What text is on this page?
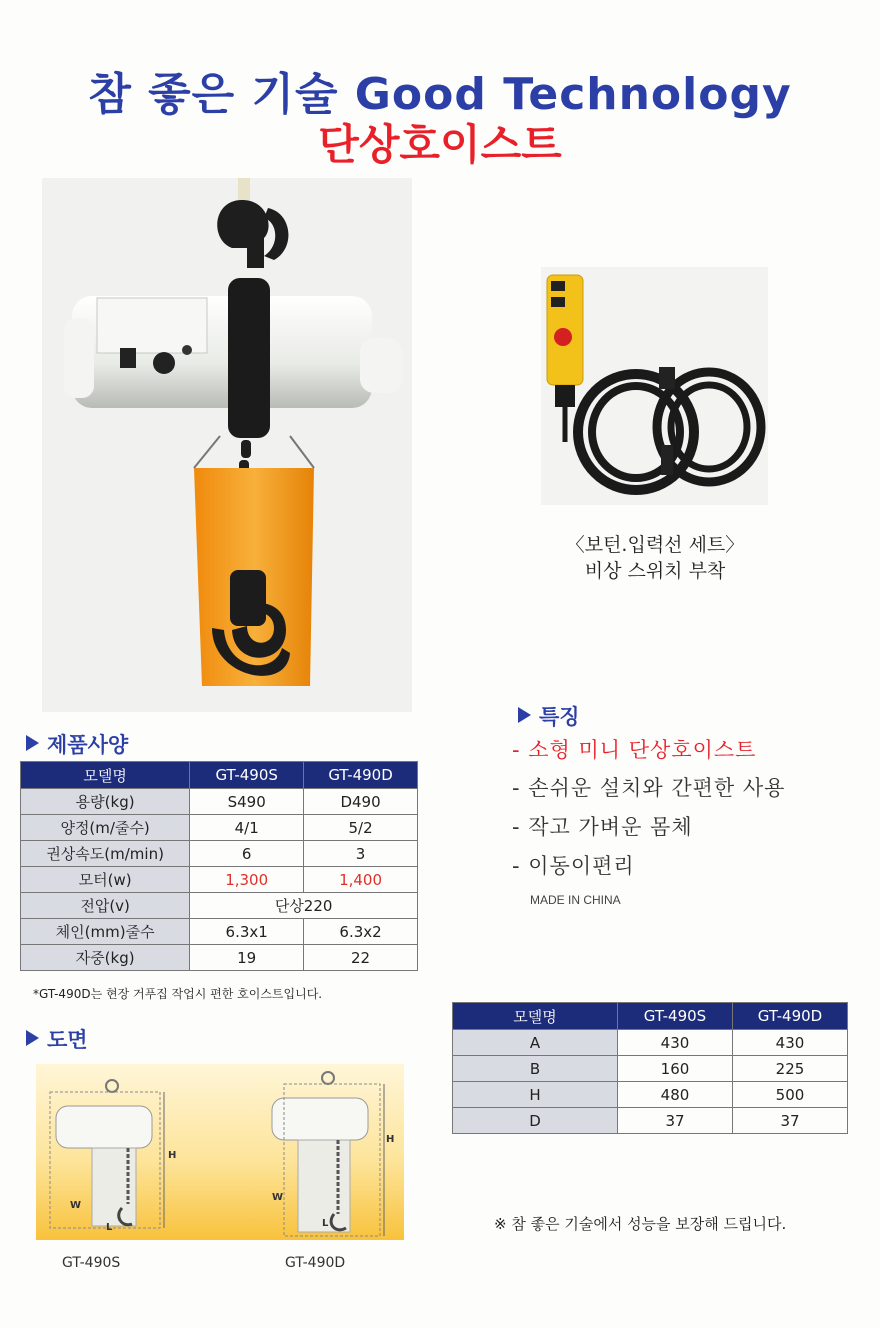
참 좋은 기술 Good Technology
단상호이스트
〈보턴.입력선 세트〉
비상 스위치 부착
특징
- 소형 미니 단상호이스트
- 손쉬운 설치와 간편한 사용
- 작고 가벼운 몸체
- 이동이편리
MADE IN CHINA
제품사양
모델명	GT-490S	GT-490D
용량(kg)	S490	D490
양정(m/줄수)	4/1	5/2
권상속도(m/min)	6	3
모터(w)	1,300	1,400
전압(v)	단상220	
체인(mm)줄수	6.3x1	6.3x2
자중(kg)	19	22
*GT-490D는 현장 거푸집 작업시 편한 호이스트입니다.
도면
H
W
L
H
W
L
GT-490S	GT-490D
모델명	GT-490S	GT-490D
A	430	430
B	160	225
H	480	500
D	37	37
※ 참 좋은 기술에서 성능을 보장해 드립니다.
